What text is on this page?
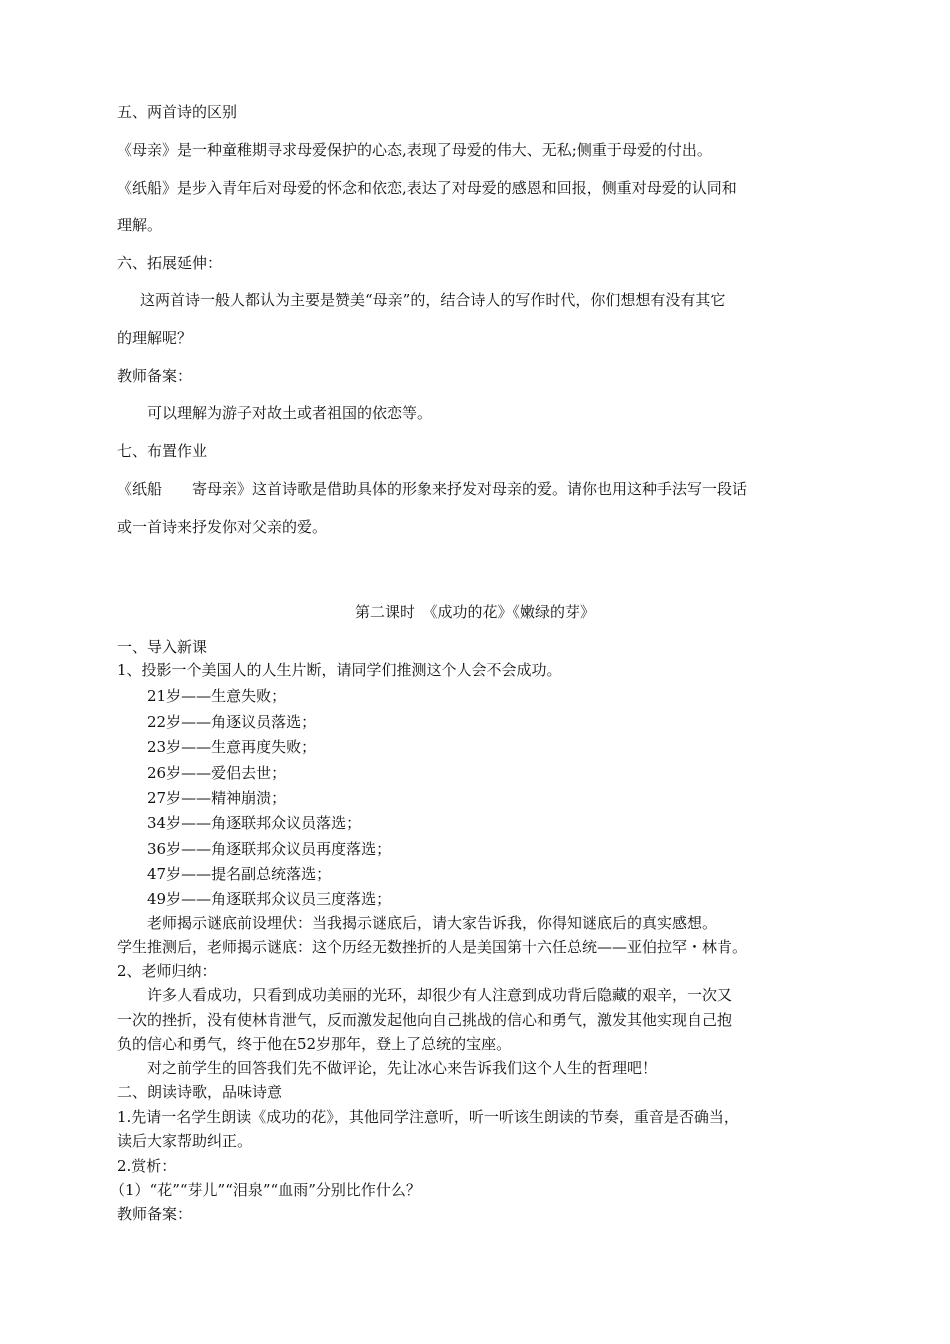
五、两首诗的区别
《母亲》是一种童稚期寻求母爱保护的心态,表现了母爱的伟大、无私;侧重于母爱的付出。
《纸船》是步入青年后对母爱的怀念和依恋,表达了对母爱的感恩和回报，侧重对母爱的认同和
理解。
六、拓展延伸：
这两首诗一般人都认为主要是赞美“母亲”的，结合诗人的写作时代，你们想想有没有其它
的理解呢？
教师备案：
可以理解为游子对故土或者祖国的依恋等。
七、布置作业
《纸船　　寄母亲》这首诗歌是借助具体的形象来抒发对母亲的爱。请你也用这种手法写一段话
或一首诗来抒发你对父亲的爱。
第二课时　《成功的花》《嫩绿的芽》
一、导入新课
1、投影一个美国人的人生片断，请同学们推测这个人会不会成功。
21岁——生意失败；
22岁——角逐议员落选；
23岁——生意再度失败；
26岁——爱侣去世；
27岁——精神崩溃；
34岁——角逐联邦众议员落选；
36岁——角逐联邦众议员再度落选；
47岁——提名副总统落选；
49岁——角逐联邦众议员三度落选；
老师揭示谜底前设埋伏：当我揭示谜底后，请大家告诉我，你得知谜底后的真实感想。
学生推测后，老师揭示谜底：这个历经无数挫折的人是美国第十六任总统——亚伯拉罕・林肯。
2、老师归纳：
许多人看成功，只看到成功美丽的光环，却很少有人注意到成功背后隐藏的艰辛，一次又
一次的挫折，没有使林肯泄气，反而激发起他向自己挑战的信心和勇气，激发其他实现自己抱
负的信心和勇气，终于他在52岁那年，登上了总统的宝座。
对之前学生的回答我们先不做评论，先让冰心来告诉我们这个人生的哲理吧！
二、朗读诗歌，品味诗意
1.先请一名学生朗读《成功的花》，其他同学注意听，听一听该生朗读的节奏，重音是否确当，
读后大家帮助纠正。
2.赏析：
（1）“花”“芽儿”“泪泉”“血雨”分别比作什么？
教师备案：
